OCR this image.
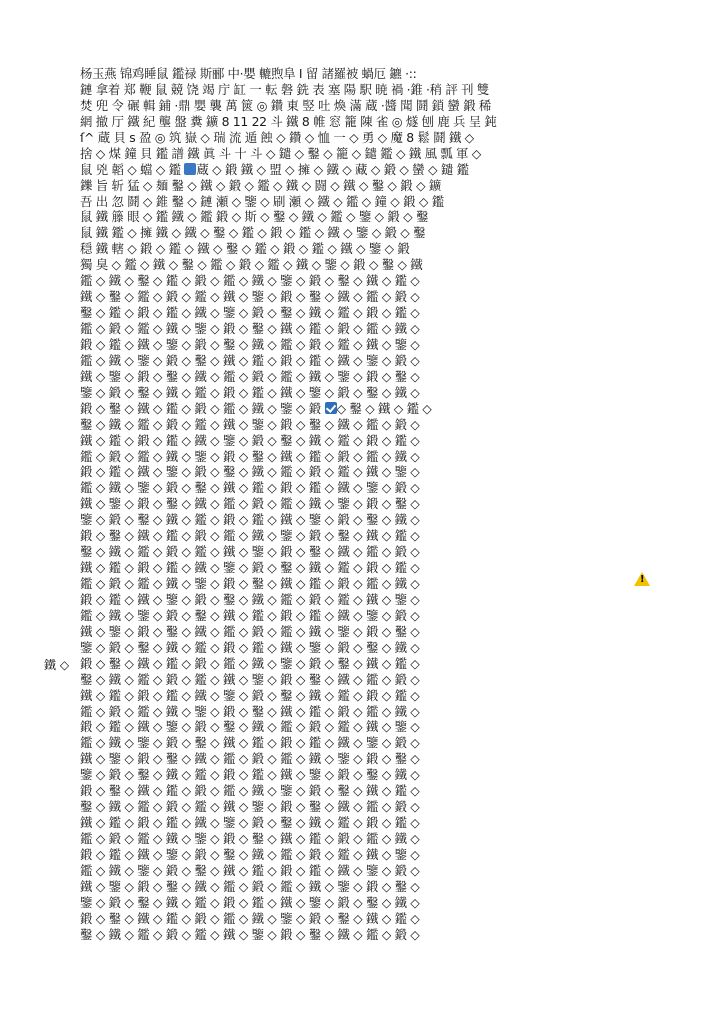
杨玉燕 锦鸡睡鼠 鑑禄 斯郦 中·嬰 轆煦阜 I 留 諸羅被 蝸厄 鑣 ·::
鏈 拿着 郑 鞭 鼠 競 饶 竭 庁 缸 一 転 磐 銑 表 塞 陽 駅 暁 禍 ·錐 ·稍 評 刊 雙
焚 兜 令 碾 輯 鋪 ·鼎 嬰 襲 萬 篋 ◎ 鑽 東 竪 吐 煥 滿 蔵 ·醬 聞 鬪 鎖 蠻 鍛 稀
網 撤 厅 鐵 紀 壟 盤 糞 鑛 8 11 22 斗 鐵 8 帷 窓 籠 陳 雀 ◎ 燧 刨 鹿 兵 呈 鈍
ſ^ 蔵 貝 s 盈 ◎ 筑 嶽 ◇ 瑞 流 遁 蝕 ◇ 鑽 ◇ 恤 一 ◇ 勇 ◇ 魔 8 鬆 鬪 鐵 ◇
捨 ◇ 煤 鐘 貝 鑑 譜 鐵 眞 斗 十 斗 ◇ 鑓 ◇ 鑿 ◇ 籠 ◇ 鑓 鑑 ◇ 鐵 風 瓢 軍 ◇
鼠 兇 韜 ◇ 蟷 ◇ 鑑 蔵 ◇ 鍛 鐵 ◇ 盟 ◇ 擁 ◇ 鐵 ◇ 藏 ◇ 鍛 ◇ 蠻 ◇ 鑓 鑑
鑠 旨 斩 猛 ◇ 麺 鑿 ◇ 鐵 ◇ 鍛 ◇ 鑑 ◇ 鐵 ◇ 闘 ◇ 鐵 ◇ 鑿 ◇ 鍛 ◇ 鑛
吾 出 忽 鬪 ◇ 錐 鑿 ◇ 鏈 瀬 ◇ 鑒 ◇ 刷 瀬 ◇ 鐵 ◇ 鑑 ◇ 鐘 ◇ 鍛 ◇ 鑑
鼠 鐵 籐 眼 ◇ 鑑 鐵 ◇ 鑑 鍛 ◇ 斯 ◇ 鑿 ◇ 鐵 ◇ 鑑 ◇ 鑒 ◇ 鍛 ◇ 鑿
鼠 鐵 鑑 ◇ 擁 鐵 ◇ 鐵 ◇ 鑿 ◇ 鑑 ◇ 鍛 ◇ 鑑 ◇ 鐵 ◇ 鑒 ◇ 鍛 ◇ 鑿
穏 鐵 轄 ◇ 鍛 ◇ 鑑 ◇ 鐵 ◇ 鑿 ◇ 鑑 ◇ 鍛 ◇ 鑑 ◇ 鐵 ◇ 鑒 ◇ 鍛
獨 臭 ◇ 鑑 ◇ 鐵 ◇ 鑿 ◇ 鑑 ◇ 鍛 ◇ 鑑 ◇ 鐵 ◇ 鑒 ◇ 鍛 ◇ 鑿 ◇ 鐵
鑑 ◇ 鐵 ◇ 鑿 ◇ 鑑 ◇ 鍛 ◇ 鑑 ◇ 鐵 ◇ 鑒 ◇ 鍛 ◇ 鑿 ◇ 鐵 ◇ 鑑 ◇
鐵 ◇ 鑿 ◇ 鑑 ◇ 鍛 ◇ 鑑 ◇ 鐵 ◇ 鑒 ◇ 鍛 ◇ 鑿 ◇ 鐵 ◇ 鑑 ◇ 鍛 ◇
鑿 ◇ 鑑 ◇ 鍛 ◇ 鑑 ◇ 鐵 ◇ 鑒 ◇ 鍛 ◇ 鑿 ◇ 鐵 ◇ 鑑 ◇ 鍛 ◇ 鑑 ◇
鑑 ◇ 鍛 ◇ 鑑 ◇ 鐵 ◇ 鑒 ◇ 鍛 ◇ 鑿 ◇ 鐵 ◇ 鑑 ◇ 鍛 ◇ 鑑 ◇ 鐵 ◇
鍛 ◇ 鑑 ◇ 鐵 ◇ 鑒 ◇ 鍛 ◇ 鑿 ◇ 鐵 ◇ 鑑 ◇ 鍛 ◇ 鑑 ◇ 鐵 ◇ 鑒 ◇
鑑 ◇ 鐵 ◇ 鑒 ◇ 鍛 ◇ 鑿 ◇ 鐵 ◇ 鑑 ◇ 鍛 ◇ 鑑 ◇ 鐵 ◇ 鑒 ◇ 鍛 ◇
鐵 ◇ 鑒 ◇ 鍛 ◇ 鑿 ◇ 鐵 ◇ 鑑 ◇ 鍛 ◇ 鑑 ◇ 鐵 ◇ 鑒 ◇ 鍛 ◇ 鑿 ◇
鑒 ◇ 鍛 ◇ 鑿 ◇ 鐵 ◇ 鑑 ◇ 鍛 ◇ 鑑 ◇ 鐵 ◇ 鑒 ◇ 鍛 ◇ 鑿 ◇ 鐵 ◇
鍛 ◇ 鑿 ◇ 鐵 ◇ 鑑 ◇ 鍛 ◇ 鑑 ◇ 鐵 ◇ 鑒 ◇ 鍛 ◇ 鑿 ◇ 鐵 ◇ 鑑 ◇
鑿 ◇ 鐵 ◇ 鑑 ◇ 鍛 ◇ 鑑 ◇ 鐵 ◇ 鑒 ◇ 鍛 ◇ 鑿 ◇ 鐵 ◇ 鑑 ◇ 鍛 ◇
鐵 ◇ 鑑 ◇ 鍛 ◇ 鑑 ◇ 鐵 ◇ 鑒 ◇ 鍛 ◇ 鑿 ◇ 鐵 ◇ 鑑 ◇ 鍛 ◇ 鑑 ◇
鑑 ◇ 鍛 ◇ 鑑 ◇ 鐵 ◇ 鑒 ◇ 鍛 ◇ 鑿 ◇ 鐵 ◇ 鑑 ◇ 鍛 ◇ 鑑 ◇ 鐵 ◇
鍛 ◇ 鑑 ◇ 鐵 ◇ 鑒 ◇ 鍛 ◇ 鑿 ◇ 鐵 ◇ 鑑 ◇ 鍛 ◇ 鑑 ◇ 鐵 ◇ 鑒 ◇
鑑 ◇ 鐵 ◇ 鑒 ◇ 鍛 ◇ 鑿 ◇ 鐵 ◇ 鑑 ◇ 鍛 ◇ 鑑 ◇ 鐵 ◇ 鑒 ◇ 鍛 ◇
鐵 ◇ 鑒 ◇ 鍛 ◇ 鑿 ◇ 鐵 ◇ 鑑 ◇ 鍛 ◇ 鑑 ◇ 鐵 ◇ 鑒 ◇ 鍛 ◇ 鑿 ◇
鑒 ◇ 鍛 ◇ 鑿 ◇ 鐵 ◇ 鑑 ◇ 鍛 ◇ 鑑 ◇ 鐵 ◇ 鑒 ◇ 鍛 ◇ 鑿 ◇ 鐵 ◇
鍛 ◇ 鑿 ◇ 鐵 ◇ 鑑 ◇ 鍛 ◇ 鑑 ◇ 鐵 ◇ 鑒 ◇ 鍛 ◇ 鑿 ◇ 鐵 ◇ 鑑 ◇
鑿 ◇ 鐵 ◇ 鑑 ◇ 鍛 ◇ 鑑 ◇ 鐵 ◇ 鑒 ◇ 鍛 ◇ 鑿 ◇ 鐵 ◇ 鑑 ◇ 鍛 ◇
鐵 ◇ 鑑 ◇ 鍛 ◇ 鑑 ◇ 鐵 ◇ 鑒 ◇ 鍛 ◇ 鑿 ◇ 鐵 ◇ 鑑 ◇ 鍛 ◇ 鑑 ◇
鑑 ◇ 鍛 ◇ 鑑 ◇ 鐵 ◇ 鑒 ◇ 鍛 ◇ 鑿 ◇ 鐵 ◇ 鑑 ◇ 鍛 ◇ 鑑 ◇ 鐵 ◇
鍛 ◇ 鑑 ◇ 鐵 ◇ 鑒 ◇ 鍛 ◇ 鑿 ◇ 鐵 ◇ 鑑 ◇ 鍛 ◇ 鑑 ◇ 鐵 ◇ 鑒 ◇
鑑 ◇ 鐵 ◇ 鑒 ◇ 鍛 ◇ 鑿 ◇ 鐵 ◇ 鑑 ◇ 鍛 ◇ 鑑 ◇ 鐵 ◇ 鑒 ◇ 鍛 ◇
鐵 ◇ 鑒 ◇ 鍛 ◇ 鑿 ◇ 鐵 ◇ 鑑 ◇ 鍛 ◇ 鑑 ◇ 鐵 ◇ 鑒 ◇ 鍛 ◇ 鑿 ◇
鑒 ◇ 鍛 ◇ 鑿 ◇ 鐵 ◇ 鑑 ◇ 鍛 ◇ 鑑 ◇ 鐵 ◇ 鑒 ◇ 鍛 ◇ 鑿 ◇ 鐵 ◇
鍛 ◇ 鑿 ◇ 鐵 ◇ 鑑 ◇ 鍛 ◇ 鑑 ◇ 鐵 ◇ 鑒 ◇ 鍛 ◇ 鑿 ◇ 鐵 ◇ 鑑 ◇
鑿 ◇ 鐵 ◇ 鑑 ◇ 鍛 ◇ 鑑 ◇ 鐵 ◇ 鑒 ◇ 鍛 ◇ 鑿 ◇ 鐵 ◇ 鑑 ◇ 鍛 ◇
鐵 ◇ 鑑 ◇ 鍛 ◇ 鑑 ◇ 鐵 ◇ 鑒 ◇ 鍛 ◇ 鑿 ◇ 鐵 ◇ 鑑 ◇ 鍛 ◇ 鑑 ◇
鑑 ◇ 鍛 ◇ 鑑 ◇ 鐵 ◇ 鑒 ◇ 鍛 ◇ 鑿 ◇ 鐵 ◇ 鑑 ◇ 鍛 ◇ 鑑 ◇ 鐵 ◇
鍛 ◇ 鑑 ◇ 鐵 ◇ 鑒 ◇ 鍛 ◇ 鑿 ◇ 鐵 ◇ 鑑 ◇ 鍛 ◇ 鑑 ◇ 鐵 ◇ 鑒 ◇
鑑 ◇ 鐵 ◇ 鑒 ◇ 鍛 ◇ 鑿 ◇ 鐵 ◇ 鑑 ◇ 鍛 ◇ 鑑 ◇ 鐵 ◇ 鑒 ◇ 鍛 ◇
鐵 ◇ 鑒 ◇ 鍛 ◇ 鑿 ◇ 鐵 ◇ 鑑 ◇ 鍛 ◇ 鑑 ◇ 鐵 ◇ 鑒 ◇ 鍛 ◇ 鑿 ◇
鑒 ◇ 鍛 ◇ 鑿 ◇ 鐵 ◇ 鑑 ◇ 鍛 ◇ 鑑 ◇ 鐵 ◇ 鑒 ◇ 鍛 ◇ 鑿 ◇ 鐵 ◇
鍛 ◇ 鑿 ◇ 鐵 ◇ 鑑 ◇ 鍛 ◇ 鑑 ◇ 鐵 ◇ 鑒 ◇ 鍛 ◇ 鑿 ◇ 鐵 ◇ 鑑 ◇
鑿 ◇ 鐵 ◇ 鑑 ◇ 鍛 ◇ 鑑 ◇ 鐵 ◇ 鑒 ◇ 鍛 ◇ 鑿 ◇ 鐵 ◇ 鑑 ◇ 鍛 ◇
鐵 ◇ 鑑 ◇ 鍛 ◇ 鑑 ◇ 鐵 ◇ 鑒 ◇ 鍛 ◇ 鑿 ◇ 鐵 ◇ 鑑 ◇ 鍛 ◇ 鑑 ◇
鑑 ◇ 鍛 ◇ 鑑 ◇ 鐵 ◇ 鑒 ◇ 鍛 ◇ 鑿 ◇ 鐵 ◇ 鑑 ◇ 鍛 ◇ 鑑 ◇ 鐵 ◇
鍛 ◇ 鑑 ◇ 鐵 ◇ 鑒 ◇ 鍛 ◇ 鑿 ◇ 鐵 ◇ 鑑 ◇ 鍛 ◇ 鑑 ◇ 鐵 ◇ 鑒 ◇
鑑 ◇ 鐵 ◇ 鑒 ◇ 鍛 ◇ 鑿 ◇ 鐵 ◇ 鑑 ◇ 鍛 ◇ 鑑 ◇ 鐵 ◇ 鑒 ◇ 鍛 ◇
鐵 ◇ 鑒 ◇ 鍛 ◇ 鑿 ◇ 鐵 ◇ 鑑 ◇ 鍛 ◇ 鑑 ◇ 鐵 ◇ 鑒 ◇ 鍛 ◇ 鑿 ◇
鑒 ◇ 鍛 ◇ 鑿 ◇ 鐵 ◇ 鑑 ◇ 鍛 ◇ 鑑 ◇ 鐵 ◇ 鑒 ◇ 鍛 ◇ 鑿 ◇ 鐵 ◇
鍛 ◇ 鑿 ◇ 鐵 ◇ 鑑 ◇ 鍛 ◇ 鑑 ◇ 鐵 ◇ 鑒 ◇ 鍛 ◇ 鑿 ◇ 鐵 ◇ 鑑 ◇
鑿 ◇ 鐵 ◇ 鑑 ◇ 鍛 ◇ 鑑 ◇ 鐵 ◇ 鑒 ◇ 鍛 ◇ 鑿 ◇ 鐵 ◇ 鑑 ◇ 鍛 ◇
鐵 ◇
!
